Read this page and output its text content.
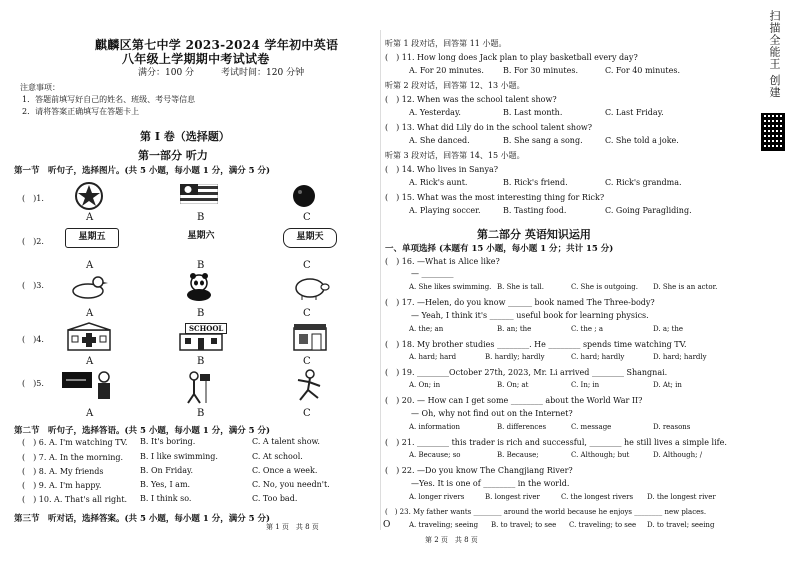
麒麟区第七中学 2023-2024 学年初中英语
八年级上学期期中考试试卷
满分：100 分　　　考试时间：120 分钟
注意事项：
1．答题前填写好自己的姓名、班级、考号等信息
2．请将答案正确填写在答题卡上
第 I 卷（选择题）
第一部分 听力
第一节　听句子，选择图片。(共 5 小题，每小题 1 分，满分 5 分)
(　)1.
A	B	C
(　)2.	星期五	星期六	星期天
A	B	C
(　)3.
A	B	C
(　)4.
SCHOOL
A	B	C
(　)5.
A	B	C
第二节　听句子，选择答语。(共 5 小题，每小题 1 分，满分 5 分)
(　) 6. A. I'm watching TV. B. It's boring.	C. A talent show.
(　) 7. A. In the morning. B. I like swimming.	C. At school.
(　) 8. A. My friends	B. On Friday.	C. Once a week.
(　) 9. A. I'm happy.	B. Yes, I am.	C. No, you needn't.
(　) 10. A. That's all right. B. I think so.	C. Too bad.
第三节　听对话，选择答案。(共 5 小题，每小题 1 分，满分 5 分)
第 1 页　共 8 页
听第 1 段对话，回答第 11 小题。
(　) 11. How long does Jack plan to play basketball every day?
A. For 20 minutes. B. For 30 minutes.	C. For 40 minutes.
听第 2 段对话，回答第 12、13 小题。
(　) 12. When was the school talent show?
A. Yesterday.	B. Last month.	C. Last Friday.
(　) 13. What did Lily do in the school talent show?
A. She danced.	B. She sang a song.	C. She told a joke.
听第 3 段对话，回答第 14、15 小题。
(　) 14. Who lives in Sanya?
A. Rick's aunt.	B. Rick's friend.	C. Rick's grandma.
(　) 15. What was the most interesting thing for Rick?
A. Playing soccer.	B. Tasting food.	C. Going Paragliding.
第二部分 英语知识运用
一、单项选择 (本题有 15 小题，每小题 1 分；共计 15 分)
(　) 16. —What is Alice like?
— ________
A. She likes swimming. B. She is tall.	C. She is outgoing. D. She is an actor.
(　) 17. —Helen, do you know ______ book named The Three-body?
— Yeah, I think it's ______ useful book for learning physics.
A. the; an	B. an; the	C. the ; a	D. a; the
(　) 18. My brother studies ________. He ________ spends time watching TV.
A. hard; hard	B. hardly; hardly	C. hard; hardly	D. hard; hardly
(　) 19. ________October 27th, 2023, Mr. Li arrived ________ Shangnai.
A. On; in	B. On; at	C. In; in	D. At; in
(　) 20. — How can I get some ________ about the World War II?
— Oh, why not find out on the Internet?
A. information	B. differences	C. message	D. reasons
(　) 21. ________ this trader is rich and successful, ________ he still lives a simple life.
A. Because; so	B. Because;	C. Although; but	D. Although; /
(　) 22. —Do you know The Changjiang River?
—Yes. It is one of ________ in the world.
A. longer rivers	B. longest river	C. the longest rivers D. the longest river
(　) 23. My father wants ________ around the world because he enjoys ________ new places.
A. traveling; seeing B. to travel; to see C. traveling; to see D. to travel; seeing
第 2 页　共 8 页
O
扫描全能王 创建
